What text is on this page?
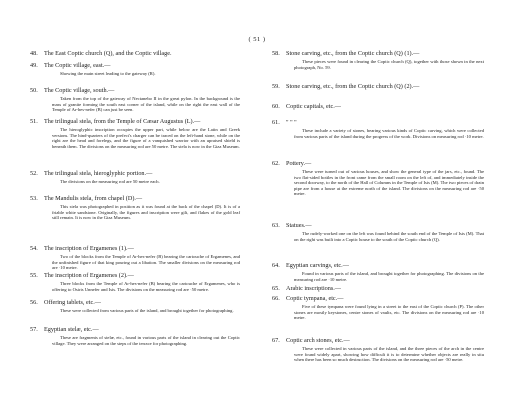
( 51 )
48.	The East Coptic church (Q), and the Coptic village.
49.	The Coptic village, east.—
Showing the main street leading to the gateway (R).
50.	The Coptic village, south.—
Taken from the top of the gateway of Nectanebo II in the great pylon. In the background is the mass of granite forming the south east corner of the island, while on the right the east wall of the Temple of Ar-hes-nefer (B) can just be seen.
51.	The trilingual stela, from the Temple of Cæsar Augustus (L).—
The hieroglyphic inscription occupies the upper part, while below are the Latin and Greek versions. The hind-quarters of the prefect's charger can be traced on the left-hand stone, while on the right are the head and forelegs, and the figure of a vanquished warrior with an upraised shield is beneath them. The divisions on the measuring rod are 50 metre. The stela is now in the Giza Museum.
52.	The trilingual stela, hieroglyphic portion.—
The divisions on the measuring rod are 50 metre each.
53.	The Mandulis stela, from chapel (D).—
This stela was photographed in position as it was found at the back of the chapel (D). It is of a friable white sandstone. Originally, the figures and inscription were gilt, and flakes of the gold leaf still remain. It is now in the Giza Museum.
54.	The inscription of Ergamenes (1).—
Two of the blocks from the Temple of Ar-hes-nefer (B) bearing the cartouche of Ergamenes, and the unfinished figure of that king pouring out a libation. The smaller divisions on the measuring rod are ·10 metre.
55.	The inscription of Ergamenes (2).—
Three blocks from the Temple of Ar-hes-nefer (B) bearing the cartouche of Ergamenes, who is offering to Osiris Unnefer and Isis. The divisions on the measuring rod are ·50 metre.
56.	Offering tablets, etc.—
These were collected from various parts of the island, and brought together for photographing.
57.	Egyptian stelæ, etc.—
These are fragments of stelæ, etc., found in various parts of the island in clearing out the Coptic village. They were arranged on the steps of the terrace for photographing.
58.	Stone carving, etc., from the Coptic church (Q) (1).—
These pieces were found in clearing the Coptic church (Q), together with those shown in the next photograph, No. 59.
59.	Stone carving, etc., from the Coptic church (Q) (2).—
60.	Coptic capitals, etc.—
61.	" " "
These include a variety of stones, bearing various kinds of Coptic carving, which were collected from various parts of the island during the progress of the work. Divisions on measuring rod ·10 metre.
62.	Pottery.—
These were turned out of various houses, and show the general type of the jars, etc., found. The two flat-sided bottles in the front came from the small room on the left of, and immediately inside the second doorway, to the north of the Hall of Columns in the Temple of Isis (M). The two pieces of drain pipe are from a house at the extreme north of the island. The divisions on the measuring rod are ·50 metre.
63.	Statues.—
The rudely-worked one on the left was found behind the south end of the Temple of Isis (M). That on the right was built into a Coptic house to the south of the Coptic church (Q).
64.	Egyptian carvings, etc.—
Found in various parts of the island, and brought together for photographing. The divisions on the measuring rod are ·10 metre.
65.	Arabic inscriptions.—
66.	Coptic tympana, etc.—
Five of these tympana were found lying in a street to the east of the Coptic church (P). The other stones are mostly keystones, centre stones of vaults, etc. The divisions on the measuring rod are ·10 metre.
67.	Coptic arch stones, etc.—
These were collected in various parts of the island, and the three pieces of the arch in the centre were found widely apart, showing how difficult it is to determine whether objects are really in situ when there has been so much destruction. The divisions on the measuring rod are ·50 metre.
